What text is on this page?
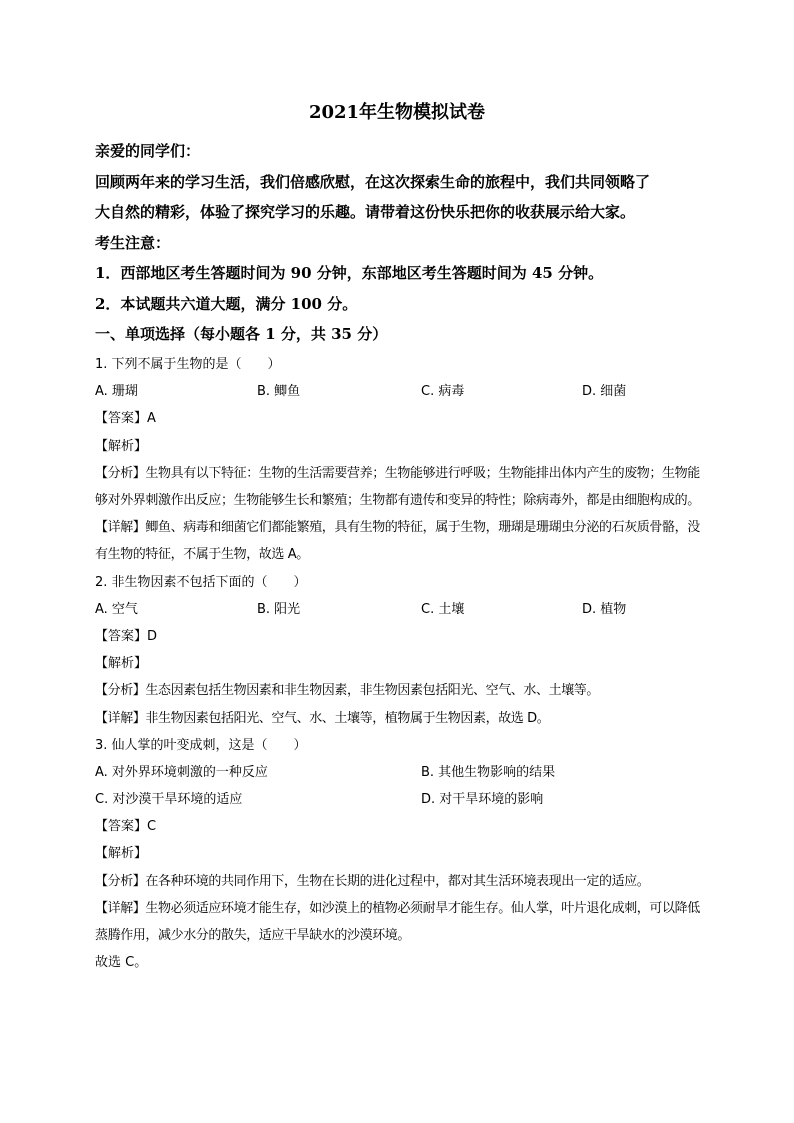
2021年生物模拟试卷
亲爱的同学们：
回顾两年来的学习生活，我们倍感欣慰，在这次探索生命的旅程中，我们共同领略了
大自然的精彩，体验了探究学习的乐趣。请带着这份快乐把你的收获展示给大家。
考生注意：
1．西部地区考生答题时间为 90 分钟，东部地区考生答题时间为 45 分钟。
2．本试题共六道大题，满分 100 分。
一、单项选择（每小题各 1 分，共 35 分）
1. 下列不属于生物的是（　　）
A. 珊瑚	B. 鲫鱼	C. 病毒	D. 细菌
【答案】A
【解析】
【分析】生物具有以下特征：生物的生活需要营养；生物能够进行呼吸；生物能排出体内产生的废物；生物能够对外界刺激作出反应；生物能够生长和繁殖；生物都有遗传和变异的特性；除病毒外，都是由细胞构成的。
【详解】鲫鱼、病毒和细菌它们都能繁殖，具有生物的特征，属于生物，珊瑚是珊瑚虫分泌的石灰质骨骼，没有生物的特征，不属于生物，故选 A。
2. 非生物因素不包括下面的（　　）
A. 空气	B. 阳光	C. 土壤	D. 植物
【答案】D
【解析】
【分析】生态因素包括生物因素和非生物因素，非生物因素包括阳光、空气、水、土壤等。
【详解】非生物因素包括阳光、空气、水、土壤等，植物属于生物因素，故选 D。
3. 仙人掌的叶变成刺，这是（　　）
A. 对外界环境刺激的一种反应	B. 其他生物影响的结果
C. 对沙漠干旱环境的适应	D. 对干旱环境的影响
【答案】C
【解析】
【分析】在各种环境的共同作用下，生物在长期的进化过程中，都对其生活环境表现出一定的适应。
【详解】生物必须适应环境才能生存，如沙漠上的植物必须耐旱才能生存。仙人掌，叶片退化成刺，可以降低蒸腾作用，减少水分的散失，适应干旱缺水的沙漠环境。
故选 C。
